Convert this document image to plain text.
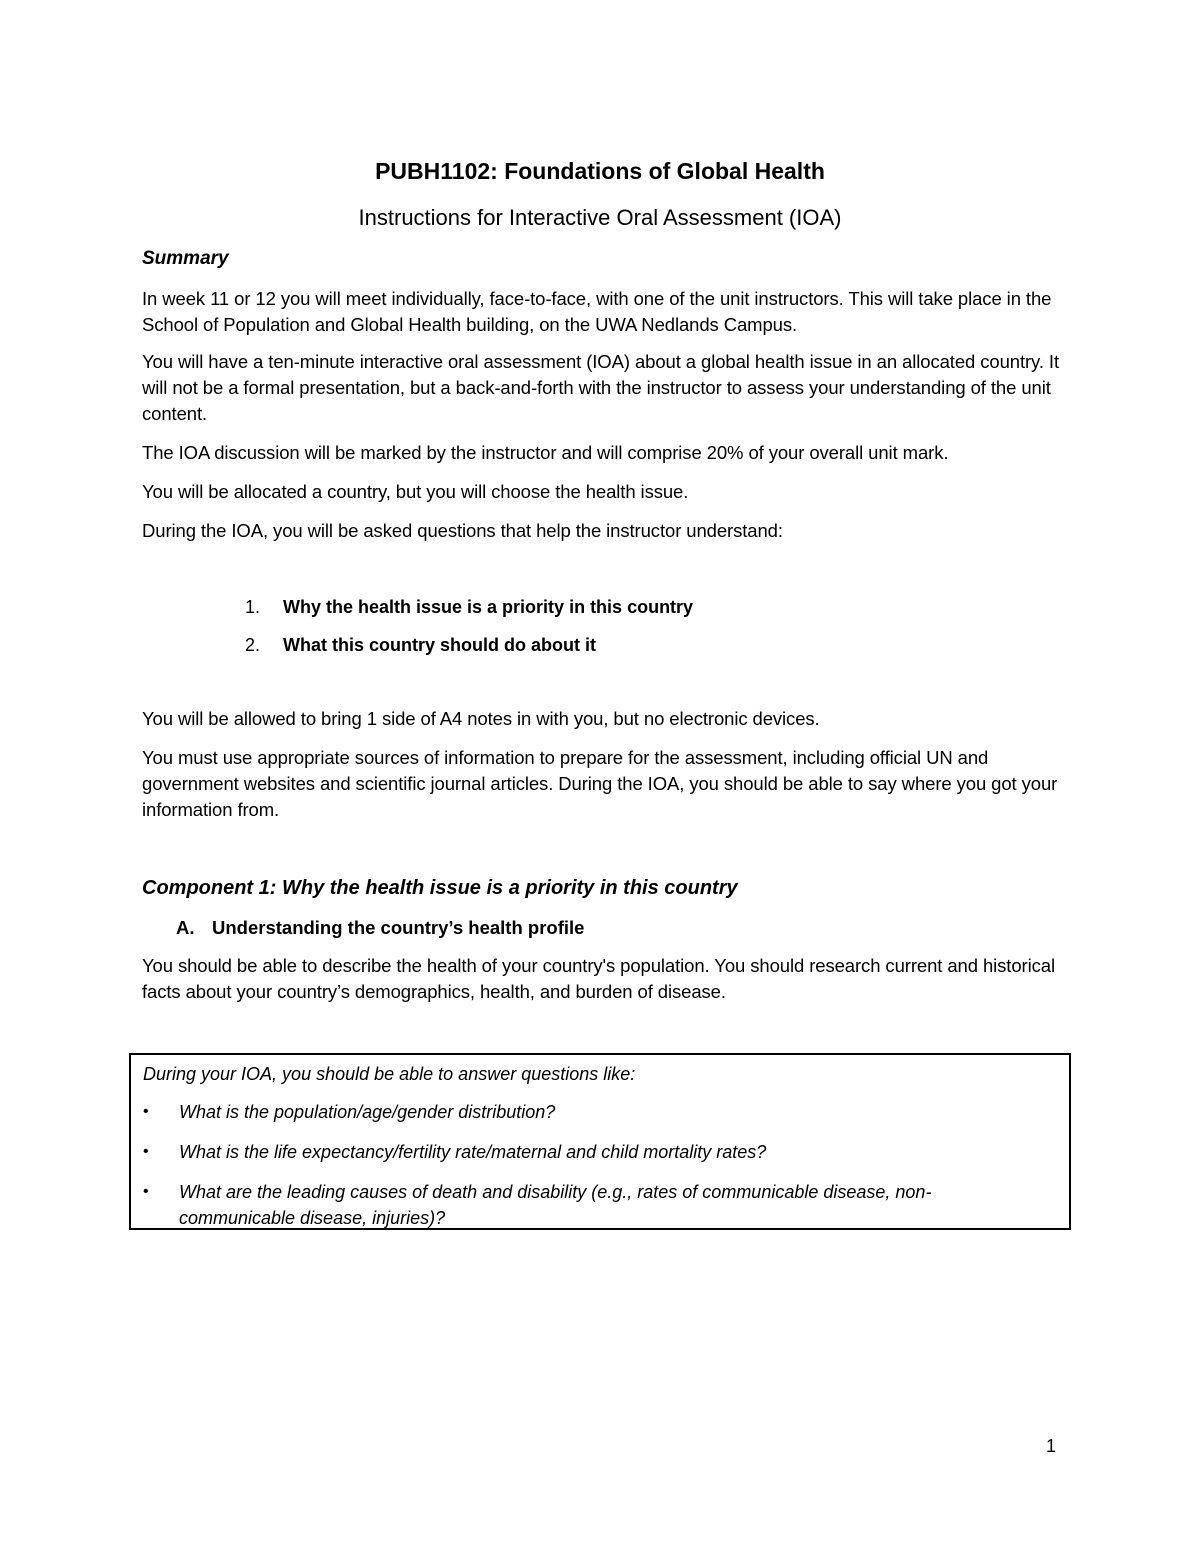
PUBH1102: Foundations of Global Health
Instructions for Interactive Oral Assessment (IOA)
Summary

In week 11 or 12 you will meet individually, face-to-face, with one of the unit instructors. This will take place in the School of Population and Global Health building, on the UWA Nedlands Campus.

You will have a ten-minute interactive oral assessment (IOA) about a global health issue in an allocated country. It will not be a formal presentation, but a back-and-forth with the instructor to assess your understanding of the unit content.

The IOA discussion will be marked by the instructor and will comprise 20% of your overall unit mark.

You will be allocated a country, but you will choose the health issue.

During the IOA, you will be asked questions that help the instructor understand:

1. Why the health issue is a priority in this country
2. What this country should do about it

You will be allowed to bring 1 side of A4 notes in with you, but no electronic devices.

You must use appropriate sources of information to prepare for the assessment, including official UN and government websites and scientific journal articles. During the IOA, you should be able to say where you got your information from.

Component 1: Why the health issue is a priority in this country
A. Understanding the country’s health profile

You should be able to describe the health of your country's population. You should research current and historical facts about your country’s demographics, health, and burden of disease.

During your IOA, you should be able to answer questions like:
• What is the population/age/gender distribution?
• What is the life expectancy/fertility rate/maternal and child mortality rates?
• What are the leading causes of death and disability (e.g., rates of communicable disease, non-communicable disease, injuries)?
1
